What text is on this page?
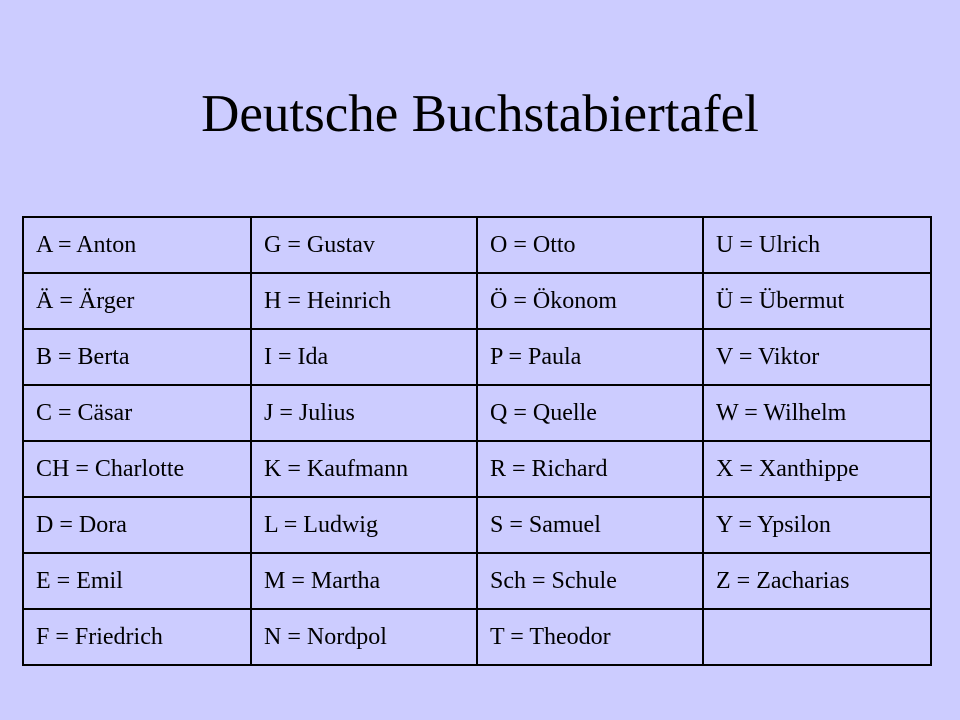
Deutsche Buchstabiertafel
A = Anton	G = Gustav	O = Otto	U = Ulrich
Ä = Ärger	H = Heinrich	Ö = Ökonom	Ü = Übermut
B = Berta	I = Ida	P = Paula	V = Viktor
C = Cäsar	J = Julius	Q = Quelle	W = Wilhelm
CH = Charlotte	K = Kaufmann	R = Richard	X = Xanthippe
D = Dora	L = Ludwig	S = Samuel	Y = Ypsilon
E = Emil	M = Martha	Sch = Schule	Z = Zacharias
F = Friedrich	N = Nordpol	T = Theodor	
